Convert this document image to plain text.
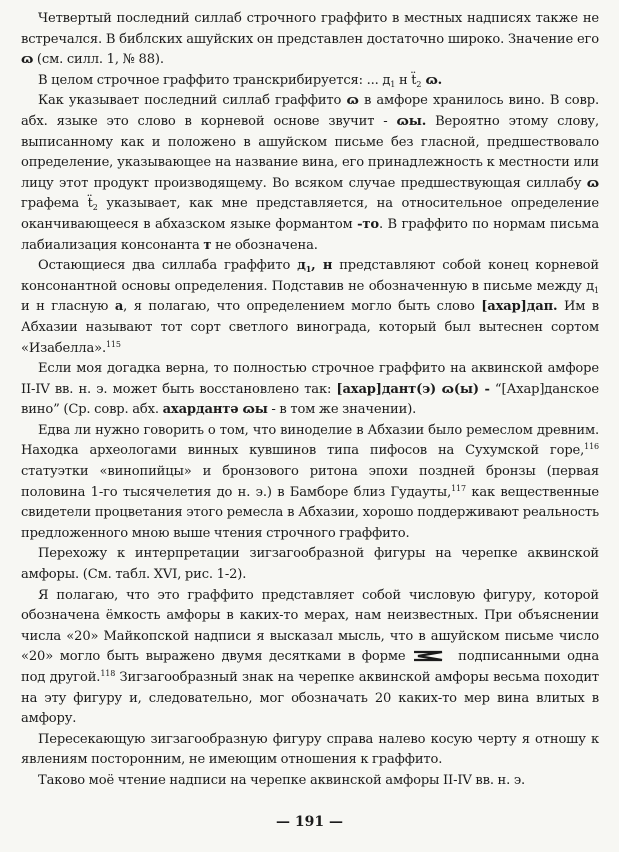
Четвертый последний силлаб строчного граффито в местных надписях также не встречался. В библских ашуйских он представлен достаточно широко. Значение его ɷ (см. силл. 1, № 88).

В целом строчное граффито транскрибируется: ... $д_1$ н ẗ$_2$ ɷ.

Как указывает последний силлаб граффито ɷ в амфоре хранилось вино. В совр. абх. языке это слово в корневой основе звучит - ɷы. Вероятно этому слову, выписанному как и положено в ашуйском письме без гласной, предшествовало определение, указывающее на название вина, его принадлежность к местности или лицу этот продукт производящему. Во всяком случае предшествующая силлабу ɷ графема ẗ$_2$ указывает, как мне представляется, на относительное определение оканчивающееся в абхазском языке формантом -то. В граффито по нормам письма лабиализация консонанта т не обозначена.

Остающиеся два силлаба граффито $д_1$, н представляют собой конец корневой консонантной основы определения. Подставив не обозначенную в письме между $д_1$ и н гласную а, я полагаю, что определением могло быть слово [ахар]дап. Им в Абхазии называют тот сорт светлого винограда, который был вытеснен сортом «Изабелла».$^{115}$

Если моя догадка верна, то полностью строчное граффито на аквинской амфоре II-IV вв. н. э. может быть восстановлено так: [ахар]дант(э) ɷ(ы) - “[Ахар]данское вино” (Ср. совр. абх. ахардантə ɷы - в том же значении).

Едва ли нужно говорить о том, что виноделие в Абхазии было ремеслом древним. Находка археологами винных кувшинов типа пифосов на Сухумской горе,$^{116}$ статуэтки «винопийцы» и бронзового ритона эпохи поздней бронзы (первая половина 1-го тысячелетия до н. э.) в Бамборе близ Гудауты,$^{117}$ как вещественные свидетели процветания этого ремесла в Абхазии, хорошо поддерживают реальность предложенного мною выше чтения строчного граффито.

Перехожу к интерпретации зигзагообразной фигуры на черепке аквинской амфоры. (См. табл. XVI, рис. 1-2).

Я полагаю, что это граффито представляет собой числовую фигуру, которой обозначена ёмкость амфоры в каких-то мерах, нам неизвестных. При объяснении числа «20» Майкопской надписи я высказал мысль, что в ашуйском письме число «20» могло быть выражено двумя десятками в форме	подписанными одна под другой.$^{118}$ Зигзагообразный знак на черепке аквинской амфоры весьма походит на эту фигуру и, следовательно, мог обозначать 20 каких-то мер вина влитых в амфору.

Пересекающую зигзагообразную фигуру справа налево косую черту я отношу к явлениям посторонним, не имеющим отношения к граффито.

Таково моё чтение надписи на черепке аквинской амфоры II-IV вв. н. э.

— 191 —
